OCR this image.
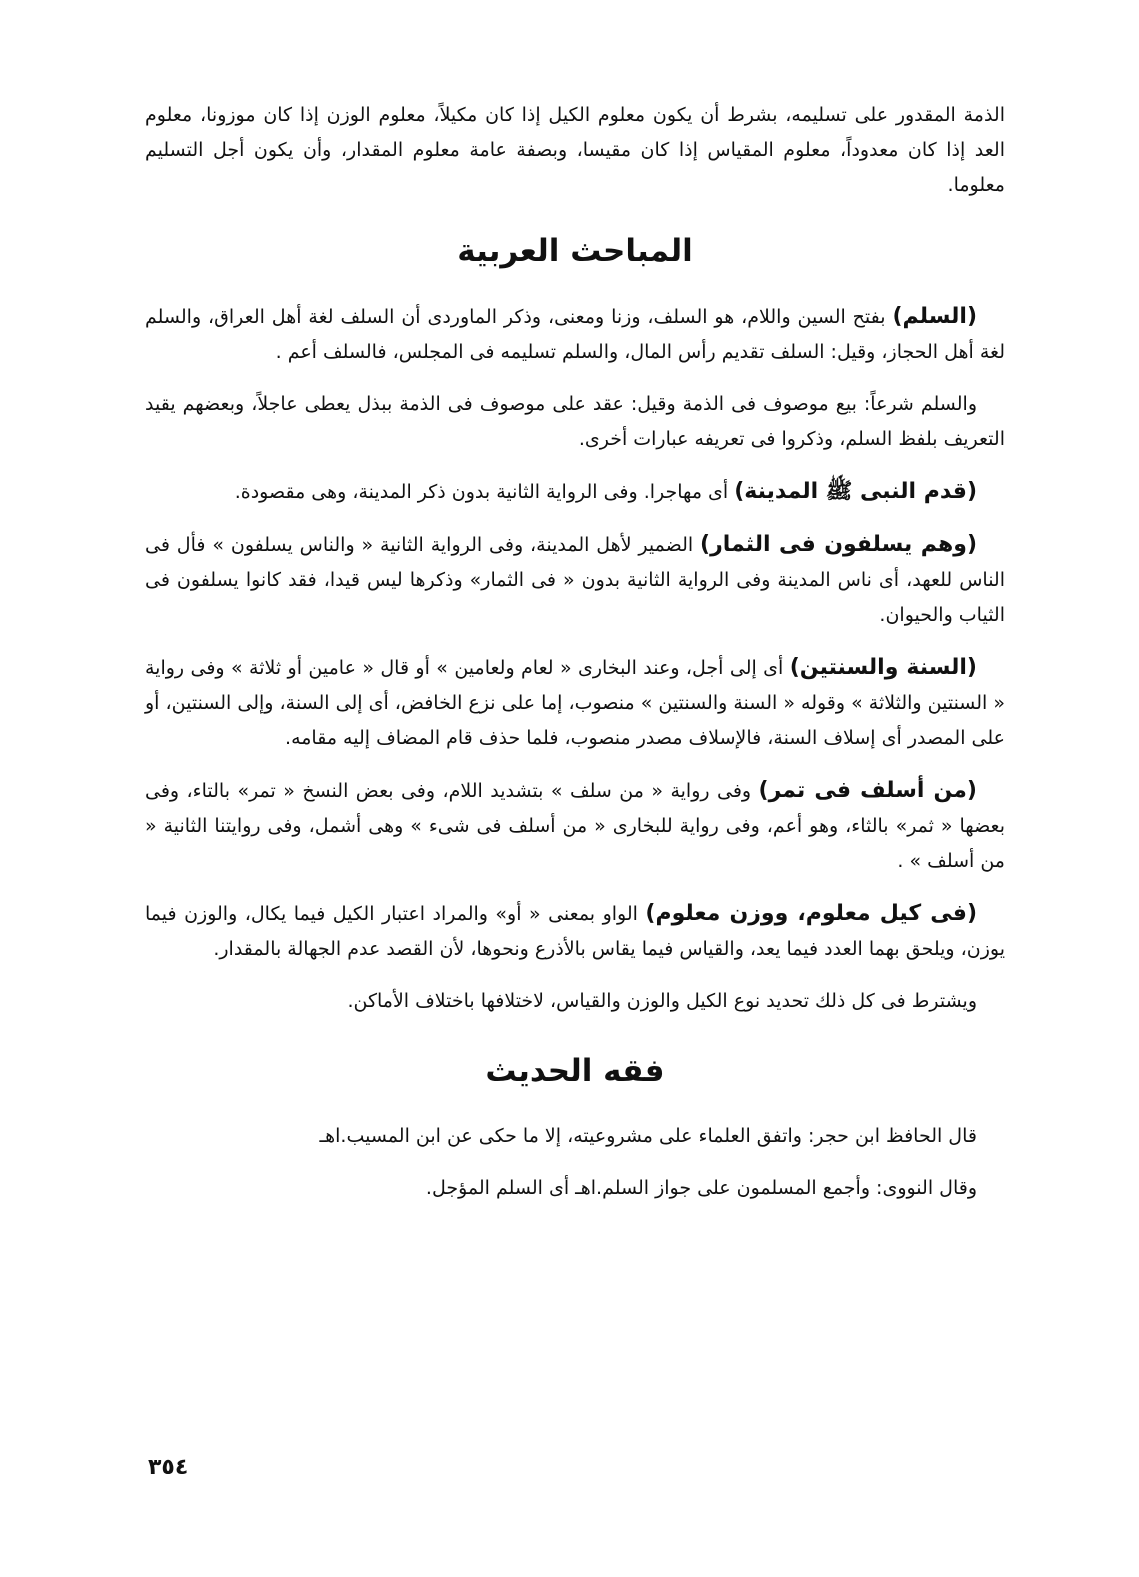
الذمة المقدور على تسليمه، بشرط أن يكون معلوم الكيل إذا كان مكيلاً، معلوم الوزن إذا كان موزونا، معلوم العد إذا كان معدوداً، معلوم المقياس إذا كان مقيسا، وبصفة عامة معلوم المقدار، وأن يكون أجل التسليم معلوما.

المباحث العربية

(السلم) بفتح السين واللام، هو السلف، وزنا ومعنى، وذكر الماوردى أن السلف لغة أهل العراق، والسلم لغة أهل الحجاز، وقيل: السلف تقديم رأس المال، والسلم تسليمه فى المجلس، فالسلف أعم .

والسلم شرعاً: بيع موصوف فى الذمة وقيل: عقد على موصوف فى الذمة ببذل يعطى عاجلاً، وبعضهم يقيد التعريف بلفظ السلم، وذكروا فى تعريفه عبارات أخرى.

(قدم النبى ﷺ المدينة) أى مهاجرا. وفى الرواية الثانية بدون ذكر المدينة، وهى مقصودة.

(وهم يسلفون فى الثمار) الضمير لأهل المدينة، وفى الرواية الثانية « والناس يسلفون » فأل فى الناس للعهد، أى ناس المدينة وفى الرواية الثانية بدون « فى الثمار» وذكرها ليس قيدا، فقد كانوا يسلفون فى الثياب والحيوان.

(السنة والسنتين) أى إلى أجل، وعند البخارى « لعام ولعامين » أو قال « عامين أو ثلاثة » وفى رواية « السنتين والثلاثة » وقوله « السنة والسنتين » منصوب، إما على نزع الخافض، أى إلى السنة، وإلى السنتين، أو على المصدر أى إسلاف السنة، فالإسلاف مصدر منصوب، فلما حذف قام المضاف إليه مقامه.

(من أسلف فى تمر) وفى رواية « من سلف » بتشديد اللام، وفى بعض النسخ « تمر» بالتاء، وفى بعضها « ثمر» بالثاء، وهو أعم، وفى رواية للبخارى « من أسلف فى شىء » وهى أشمل، وفى روايتنا الثانية « من أسلف » .

(فى كيل معلوم، ووزن معلوم) الواو بمعنى « أو» والمراد اعتبار الكيل فيما يكال، والوزن فيما يوزن، ويلحق بهما العدد فيما يعد، والقياس فيما يقاس بالأذرع ونحوها، لأن القصد عدم الجهالة بالمقدار.

ويشترط فى كل ذلك تحديد نوع الكيل والوزن والقياس، لاختلافها باختلاف الأماكن.

فقه الحديث

قال الحافظ ابن حجر: واتفق العلماء على مشروعيته، إلا ما حكى عن ابن المسيب.اهـ

وقال النووى: وأجمع المسلمون على جواز السلم.اهـ أى السلم المؤجل.

٣٥٤
